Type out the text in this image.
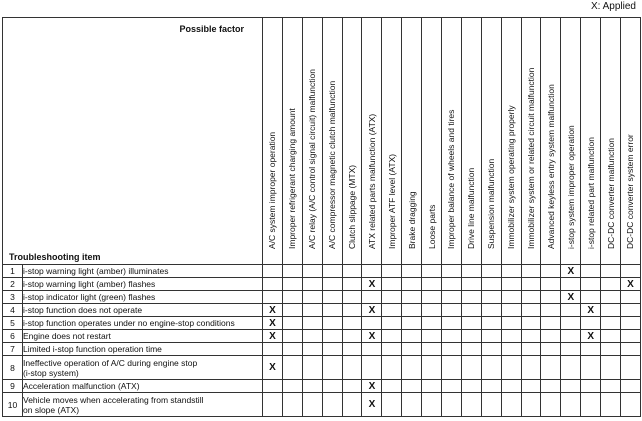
X: Applied
Possible factor
Troubleshooting item		A/C system improper operation	Improper refrigerant charging amount	A/C relay (A/C control signal circuit) malfunction	A/C compressor magnetic clutch malfunction	Clutch slippage (MTX)	ATX related parts malfunction (ATX)	Improper ATF level (ATX)	Brake dragging	Loose parts	Improper balance of wheels and tires	Drive line malfunction	Suspension malfunction	Immobilizer system operating properly	Immobilizer system or related circuit malfunction	Advanced keyless entry system malfunction	i-stop system improper operation	i-stop related part malfunction	DC-DC converter malfunction	DC-DC converter system error

1	i-stop warning light (amber) illuminates																X			
2	i-stop warning light (amber) flashes						X													X
3	i-stop indicator light (green) flashes																X			
4	i-stop function does not operate	X					X											X		
5	i-stop function operates under no engine-stop conditions	X																		
6	Engine does not restart	X					X											X		
7	Limited i-stop function operation time																			

8	Ineffective operation of A/C during engine stop
(i-stop system)	X																		
9	Acceleration malfunction (ATX)						X													
10	Vehicle moves when accelerating from standstill
on slope (ATX)						X													
